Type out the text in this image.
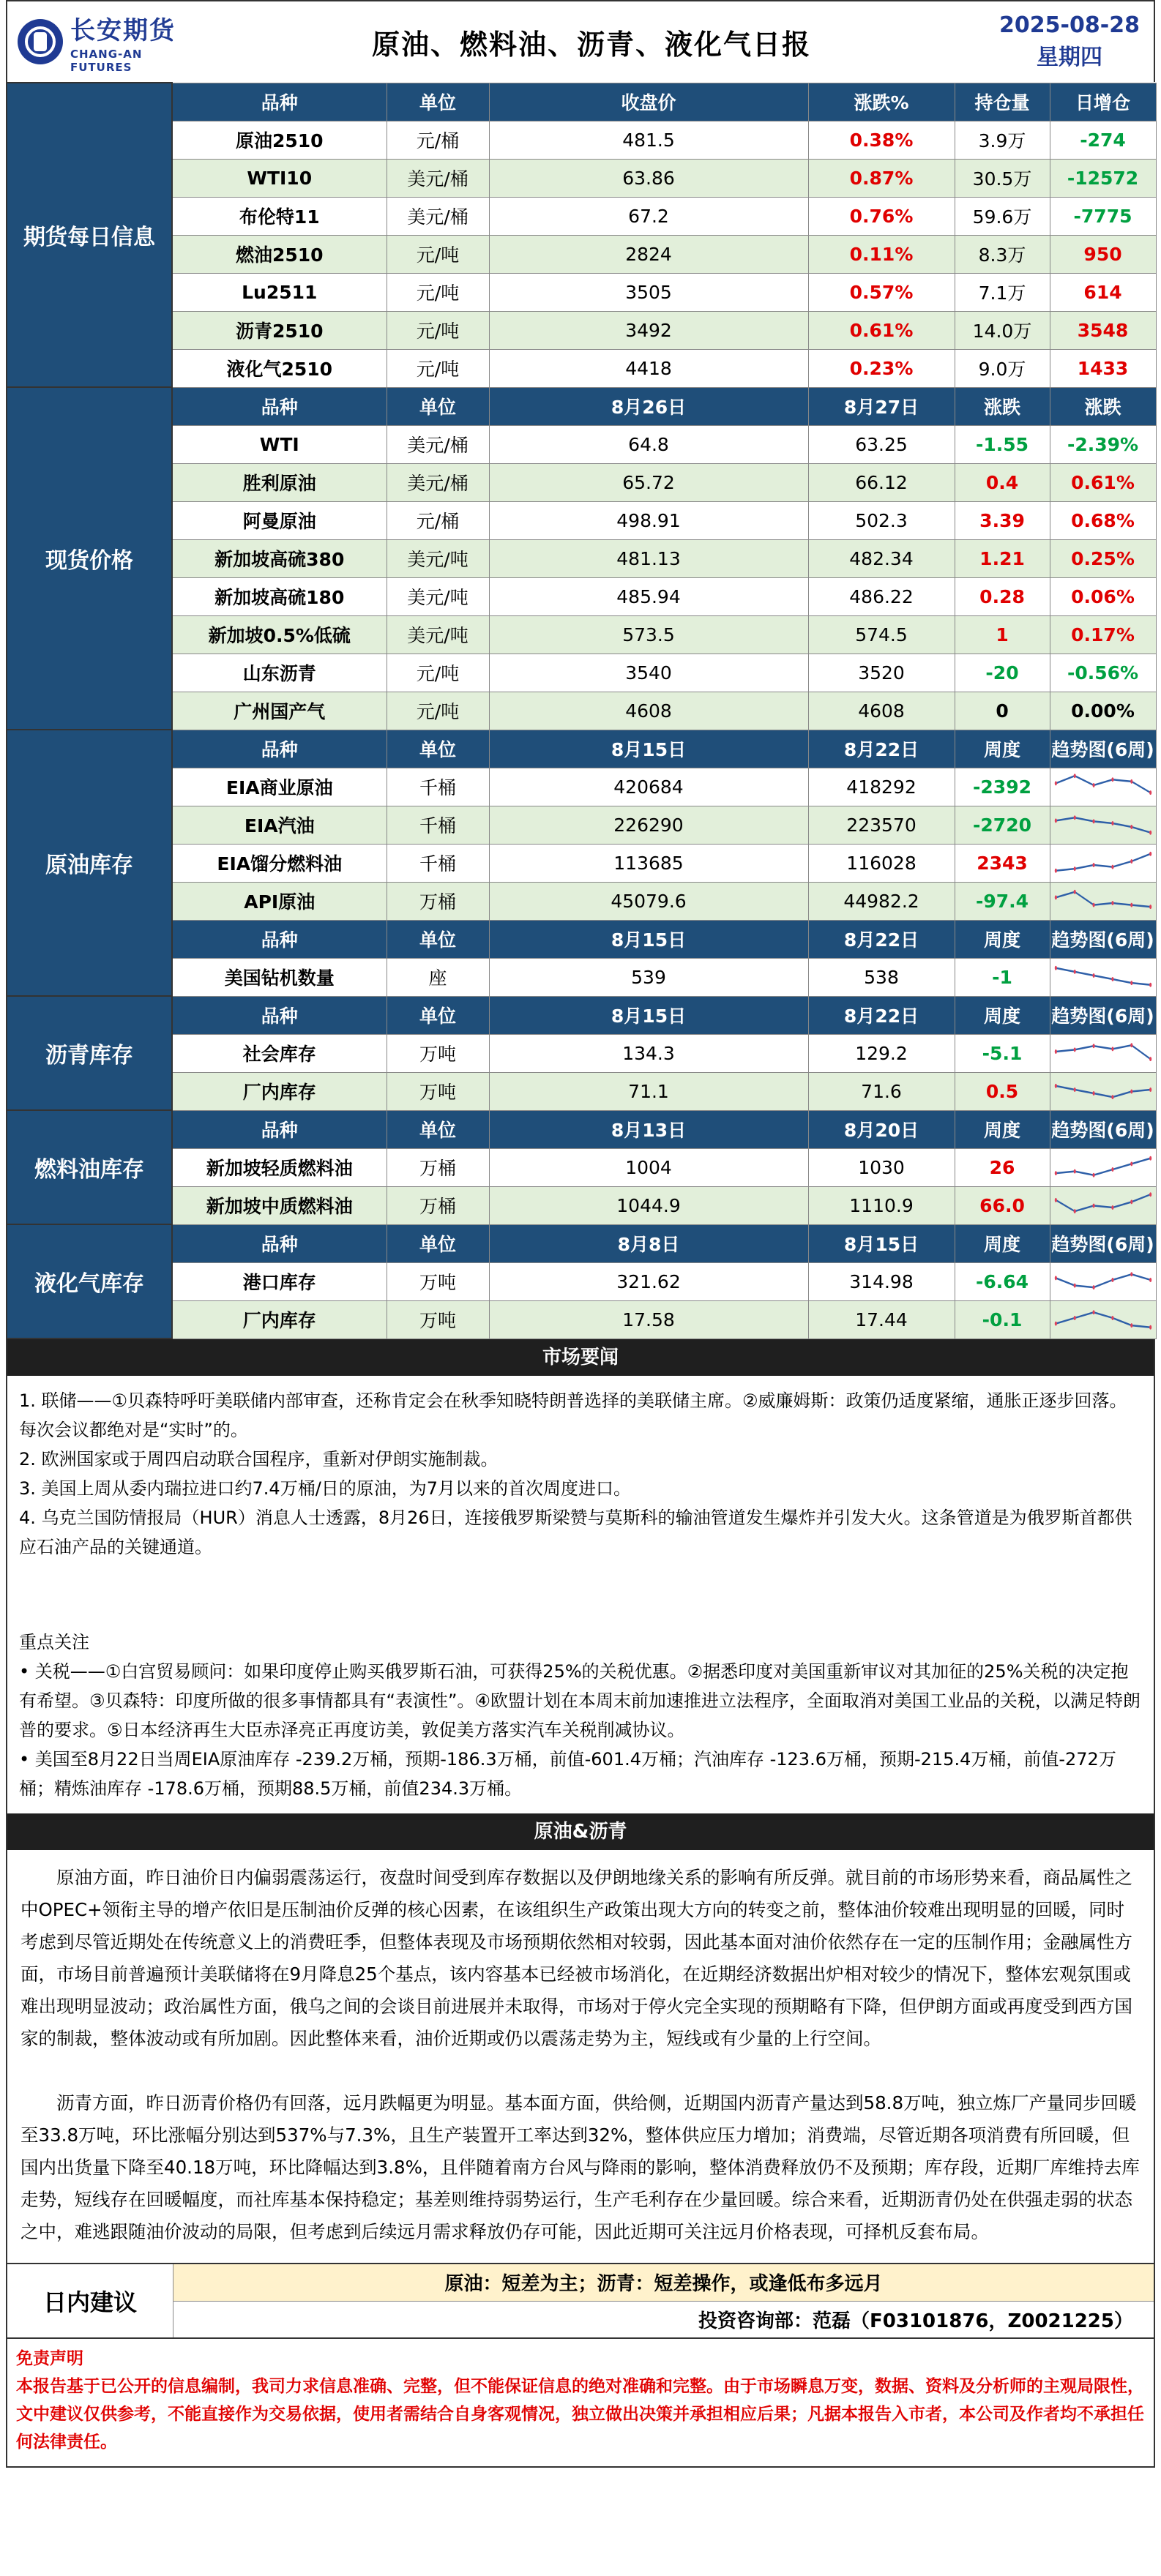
长安期货
CHANG-AN FUTURES
原油、燃料油、沥青、液化气日报
2025-08-28
星期四
期货每日信息	品种	单位	收盘价	涨跌%	持仓量	日增仓
	原油2510	元/桶	481.5	0.38%	3.9万	-274
	WTI10	美元/桶	63.86	0.87%	30.5万	-12572
	布伦特11	美元/桶	67.2	0.76%	59.6万	-7775
	燃油2510	元/吨	2824	0.11%	8.3万	950
	Lu2511	元/吨	3505	0.57%	7.1万	614
	沥青2510	元/吨	3492	0.61%	14.0万	3548
	液化气2510	元/吨	4418	0.23%	9.0万	1433
现货价格	品种	单位	8月26日	8月27日	涨跌	涨跌
	WTI	美元/桶	64.8	63.25	-1.55	-2.39%
	胜利原油	美元/桶	65.72	66.12	0.4	0.61%
	阿曼原油	元/桶	498.91	502.3	3.39	0.68%
	新加坡高硫380	美元/吨	481.13	482.34	1.21	0.25%
	新加坡高硫180	美元/吨	485.94	486.22	0.28	0.06%
	新加坡0.5%低硫	美元/吨	573.5	574.5	1	0.17%
	山东沥青	元/吨	3540	3520	-20	-0.56%
	广州国产气	元/吨	4608	4608	0	0.00%
原油库存	品种	单位	8月15日	8月22日	周度	趋势图(6周)
	EIA商业原油	千桶	420684	418292	-2392	

	EIA汽油	千桶	226290	223570	-2720	

	EIA馏分燃料油	千桶	113685	116028	2343	

	API原油	万桶	45079.6	44982.2	-97.4	

	品种	单位	8月15日	8月22日	周度	趋势图(6周)
	美国钻机数量	座	539	538	-1	

沥青库存	品种	单位	8月15日	8月22日	周度	趋势图(6周)
	社会库存	万吨	134.3	129.2	-5.1	

	厂内库存	万吨	71.1	71.6	0.5	

燃料油库存	品种	单位	8月13日	8月20日	周度	趋势图(6周)
	新加坡轻质燃料油	万桶	1004	1030	26	

	新加坡中质燃料油	万桶	1044.9	1110.9	66.0	

液化气库存	品种	单位	8月8日	8月15日	周度	趋势图(6周)
	港口库存	万吨	321.62	314.98	-6.64	

	厂内库存	万吨	17.58	17.44	-0.1	
市场要闻

1. 联储——①贝森特呼吁美联储内部审查，还称肯定会在秋季知晓特朗普选择的美联储主席。②威廉姆斯：政策仍适度紧缩，通胀正逐步回落。每次会议都绝对是“实时”的。

2. 欧洲国家或于周四启动联合国程序，重新对伊朗实施制裁。

3. 美国上周从委内瑞拉进口约7.4万桶/日的原油，为7月以来的首次周度进口。

4. 乌克兰国防情报局（HUR）消息人士透露，8月26日，连接俄罗斯梁赞与莫斯科的输油管道发生爆炸并引发大火。这条管道是为俄罗斯首都供应石油产品的关键通道。

重点关注

• 关税——①白宫贸易顾问：如果印度停止购买俄罗斯石油，可获得25%的关税优惠。②据悉印度对美国重新审议对其加征的25%关税的决定抱有希望。③贝森特：印度所做的很多事情都具有“表演性”。④欧盟计划在本周末前加速推进立法程序，全面取消对美国工业品的关税，以满足特朗普的要求。⑤日本经济再生大臣赤泽亮正再度访美，敦促美方落实汽车关税削减协议。

• 美国至8月22日当周EIA原油库存 -239.2万桶，预期-186.3万桶，前值-601.4万桶；汽油库存 -123.6万桶，预期-215.4万桶，前值-272万桶；精炼油库存 -178.6万桶，预期88.5万桶，前值234.3万桶。

原油&沥青

原油方面，昨日油价日内偏弱震荡运行，夜盘时间受到库存数据以及伊朗地缘关系的影响有所反弹。就目前的市场形势来看，商品属性之中OPEC+领衔主导的增产依旧是压制油价反弹的核心因素，在该组织生产政策出现大方向的转变之前，整体油价较难出现明显的回暖，同时考虑到尽管近期处在传统意义上的消费旺季，但整体表现及市场预期依然相对较弱，因此基本面对油价依然存在一定的压制作用；金融属性方面，市场目前普遍预计美联储将在9月降息25个基点，该内容基本已经被市场消化，在近期经济数据出炉相对较少的情况下，整体宏观氛围或难出现明显波动；政治属性方面，俄乌之间的会谈目前进展并未取得，市场对于停火完全实现的预期略有下降，但伊朗方面或再度受到西方国家的制裁，整体波动或有所加剧。因此整体来看，油价近期或仍以震荡走势为主，短线或有少量的上行空间。

沥青方面，昨日沥青价格仍有回落，远月跌幅更为明显。基本面方面，供给侧，近期国内沥青产量达到58.8万吨，独立炼厂产量同步回暖至33.8万吨，环比涨幅分别达到537%与7.3%，且生产装置开工率达到32%，整体供应压力增加；消费端，尽管近期各项消费有所回暖，但国内出货量下降至40.18万吨，环比降幅达到3.8%，且伴随着南方台风与降雨的影响，整体消费释放仍不及预期；库存段，近期厂库维持去库走势，短线存在回暖幅度，而社库基本保持稳定；基差则维持弱势运行，生产毛利存在少量回暖。综合来看，近期沥青仍处在供强走弱的状态之中，难逃跟随油价波动的局限，但考虑到后续远月需求释放仍存可能，因此近期可关注远月价格表现，可择机反套布局。

日内建议
原油：短差为主；沥青：短差操作，或逢低布多远月
投资咨询部：范磊（F03101876，Z0021225）
免责声明
本报告基于已公开的信息编制，我司力求信息准确、完整，但不能保证信息的绝对准确和完整。由于市场瞬息万变，数据、资料及分析师的主观局限性，文中建议仅供参考，不能直接作为交易依据，使用者需结合自身客观情况，独立做出决策并承担相应后果；凡据本报告入市者，本公司及作者均不承担任何法律责任。
